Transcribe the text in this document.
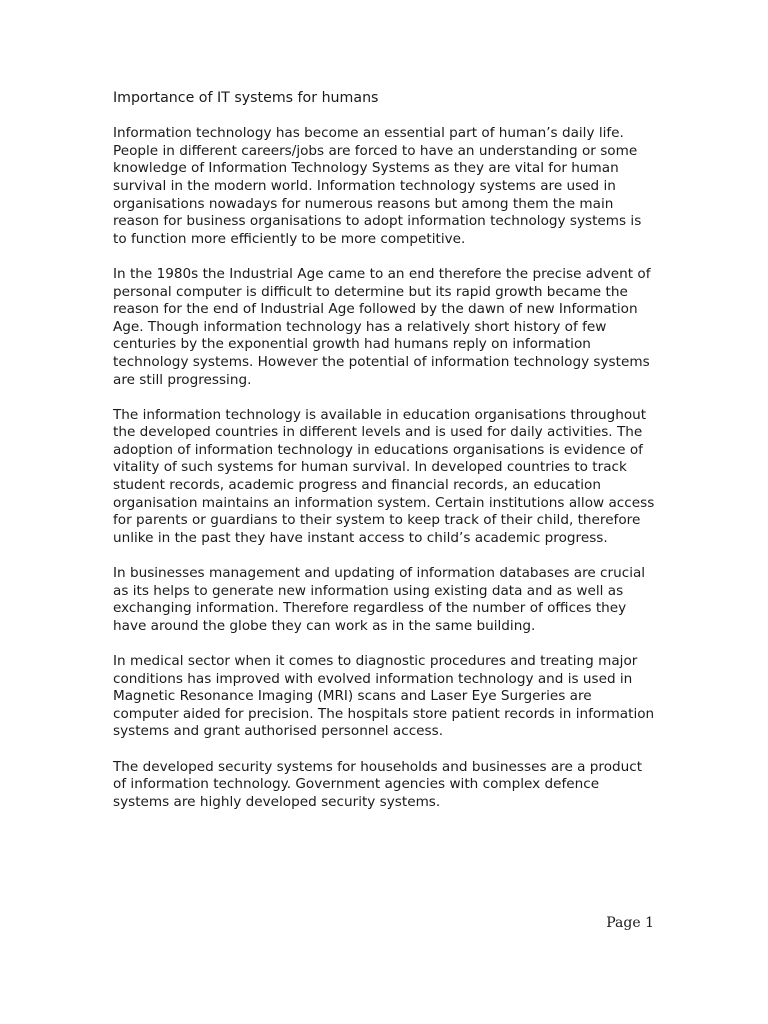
Importance of IT systems for humans

Information technology has become an essential part of human’s daily life. People in different careers/jobs are forced to have an understanding or some knowledge of Information Technology Systems as they are vital for human survival in the modern world. Information technology systems are used in organisations nowadays for numerous reasons but among them the main reason for business organisations to adopt information technology systems is to function more efficiently to be more competitive.

In the 1980s the Industrial Age came to an end therefore the precise advent of personal computer is difficult to determine but its rapid growth became the reason for the end of Industrial Age followed by the dawn of new Information Age. Though information technology has a relatively short history of few centuries by the exponential growth had humans reply on information technology systems. However the potential of information technology systems are still progressing.

The information technology is available in education organisations throughout the developed countries in different levels and is used for daily activities. The adoption of information technology in educations organisations is evidence of vitality of such systems for human survival. In developed countries to track student records, academic progress and financial records, an education organisation maintains an information system. Certain institutions allow access for parents or guardians to their system to keep track of their child, therefore unlike in the past they have instant access to child’s academic progress.

In businesses management and updating of information databases are crucial as its helps to generate new information using existing data and as well as exchanging information. Therefore regardless of the number of offices they have around the globe they can work as in the same building.

In medical sector when it comes to diagnostic procedures and treating major conditions has improved with evolved information technology and is used in Magnetic Resonance Imaging (MRI) scans and Laser Eye Surgeries are computer aided for precision. The hospitals store patient records in information systems and grant authorised personnel access.

The developed security systems for households and businesses are a product of information technology. Government agencies with complex defence systems are highly developed security systems.

Page 1
